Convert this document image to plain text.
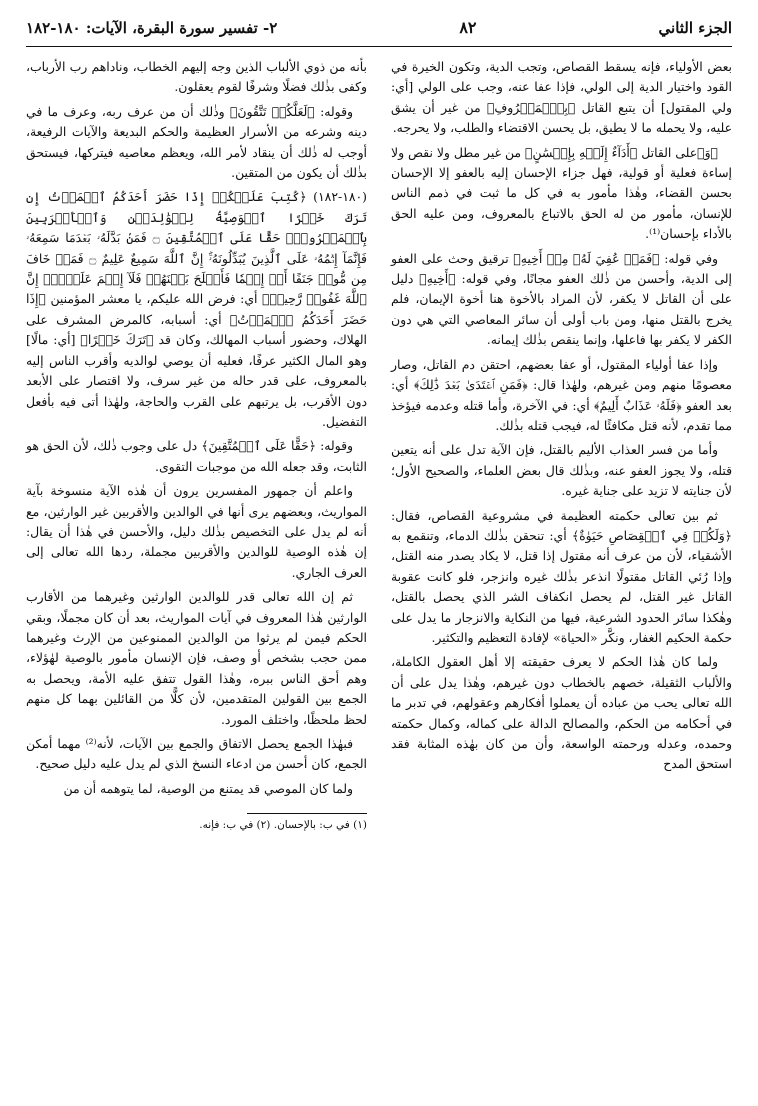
الجزء الثاني
٨٢
٢- تفسير سورة البقرة، الآيات: ١٨٠-١٨٢

بعض الأولياء، فإنه يسقط القصاص، وتجب الدية، وتكون الخيرة في القود واختيار الدية إلى الولي، فإذا عفا عنه، وجب على الولي [أي: ولي المقتول] أن يتبع القاتل ﴿بِٱلۡمَعۡرُوفِ﴾ من غير أن يشق عليه، ولا يحمله ما لا يطيق، بل يحسن الاقتضاء والطلب، ولا يحرجه.

﴿وَ﴾على القاتل ﴿أَدَآءٌ إِلَيۡهِ بِإِحۡسَٰنٍ﴾ من غير مطل ولا نقص ولا إساءة فعلية أو قولية، فهل جزاء الإحسان إليه بالعفو إلا الإحسان بحسن القضاء، وهٰذا مأمور به في كل ما ثبت في ذمم الناس للإنسان، مأمور من له الحق بالاتباع بالمعروف، ومن عليه الحق بالأداء بإحسان⁽¹⁾.

وفي قوله: ﴿فَمَنۡ عُفِيَ لَهُۥ مِنۡ أَخِيهِ﴾ ترقيق وحث على العفو إلى الدية، وأحسن من ذٰلك العفو مجانًا، وفي قوله: ﴿أَخِيهِ﴾ دليل على أن القاتل لا يكفر، لأن المراد بالأخوة هنا أخوة الإيمان، فلم يخرج بالقتل منها، ومن باب أولى أن سائر المعاصي التي هي دون الكفر لا يكفر بها فاعلها، وإنما ينقص بذٰلك إيمانه.

وإذا عفا أولياء المقتول، أو عفا بعضهم، احتقن دم القاتل، وصار معصومًا منهم ومن غيرهم، ولهٰذا قال: ﴿فَمَنِ ٱعۡتَدَىٰ بَعۡدَ ذَٰلِكَ﴾ أي: بعد العفو ﴿فَلَهُۥ عَذَابٌ أَلِيمٌ﴾ أي: في الآخرة، وأما قتله وعدمه فيؤخذ مما تقدم، لأنه قتل مكافئًا له، فيجب قتله بذٰلك.

وأما من فسر العذاب الأليم بالقتل، فإن الآية تدل على أنه يتعين قتله، ولا يجوز العفو عنه، وبذٰلك قال بعض العلماء، والصحيح الأول؛ لأن جنايته لا تزيد على جناية غيره.

ثم بين تعالى حكمته العظيمة في مشروعية القصاص، فقال: ﴿وَلَكُمۡ فِي ٱلۡقِصَاصِ حَيَوٰةٌ﴾ أي: تنحقن بذٰلك الدماء، وتنقمع به الأشقياء، لأن من عرف أنه مقتول إذا قتل، لا يكاد يصدر منه القتل، وإذا رُئي القاتل مقتولًا انذعر بذٰلك غيره وانزجر، فلو كانت عقوبة القاتل غير القتل، لم يحصل انكفاف الشر الذي يحصل بالقتل، وهٰكذا سائر الحدود الشرعية، فيها من النكاية والانزجار ما يدل على حكمة الحكيم الغفار، ونكَّر «الحياة» لإفادة التعظيم والتكثير.

ولما كان هٰذا الحكم لا يعرف حقيقته إلا أهل العقول الكاملة، والألباب الثقيلة، خصهم بالخطاب دون غيرهم، وهٰذا يدل على أن الله تعالى يحب من عباده أن يعملوا أفكارهم وعقولهم، في تدبر ما في أحكامه من الحكم، والمصالح الدالة على كماله، وكمال حكمته وحمده، وعدله ورحمته الواسعة، وأن من كان بهٰذه المثابة فقد استحق المدح

بأنه من ذوي الألباب الذين وجه إليهم الخطاب، وناداهم رب الأرباب، وكفى بذٰلك فضلًا وشرفًا لقوم يعقلون.

وقوله: ﴿لَعَلَّكُمۡ تَتَّقُونَ﴾ وذٰلك أن من عرف ربه، وعرف ما في دينه وشرعه من الأسرار العظيمة والحكم البديعة والآيات الرفيعة، أوجب له ذٰلك أن ينقاد لأمر الله، ويعظم معاصيه فيتركها، فيستحق بذٰلك أن يكون من المتقين.

(١٨٠-١٨٢) ﴿كُتِبَ عَلَيۡكُمۡ إِذَا حَضَرَ أَحَدَكُمُ ٱلۡمَوۡتُ إِن تَرَكَ خَيۡرًا ٱلۡوَصِيَّةُ لِلۡوَٰلِدَيۡنِ وَٱلۡأَقۡرَبِينَ بِٱلۡمَعۡرُوفِۖ حَقًّا عَلَى ٱلۡمُتَّقِينَ ۝ فَمَنۢ بَدَّلَهُۥ بَعۡدَمَا سَمِعَهُۥ فَإِنَّمَآ إِثۡمُهُۥ عَلَى ٱلَّذِينَ يُبَدِّلُونَهُۥٓۚ إِنَّ ٱللَّهَ سَمِيعٌ عَلِيمٌ ۝ فَمَنۡ خَافَ مِن مُّوصٖ جَنَفًا أَوۡ إِثۡمٗا فَأَصۡلَحَ بَيۡنَهُمۡ فَلَآ إِثۡمَ عَلَيۡهِۚ إِنَّ ٱللَّهَ غَفُورٞ رَّحِيمٞ﴾ أي: فرض الله عليكم، يا معشر المؤمنين ﴿إِذَا حَضَرَ أَحَدَكُمُ ٱلۡمَوۡتُ﴾ أي: أسبابه، كالمرض المشرف على الهلاك، وحضور أسباب المهالك، وكان قد ﴿تَرَكَ خَيۡرًا﴾ [أي: مالًا] وهو المال الكثير عرفًا، فعليه أن يوصي لوالديه وأقرب الناس إليه بالمعروف، على قدر حاله من غير سرف، ولا اقتصار على الأبعد دون الأقرب، بل يرتبهم على القرب والحاجة، ولهٰذا أتى فيه بأفعل التفضيل.

وقوله: ﴿حَقًّا عَلَى ٱلۡمُتَّقِينَ﴾ دل على وجوب ذٰلك، لأن الحق هو الثابت، وقد جعله الله من موجبات التقوى.

واعلم أن جمهور المفسرين يرون أن هٰذه الآية منسوخة بآية المواريث، وبعضهم يرى أنها في الوالدين والأقربين غير الوارثين، مع أنه لم يدل على التخصيص بذٰلك دليل، والأحسن في هٰذا أن يقال: إن هٰذه الوصية للوالدين والأقربين مجملة، ردها الله تعالى إلى العرف الجاري.

ثم إن الله تعالى قدر للوالدين الوارثين وغيرهما من الأقارب الوارثين هٰذا المعروف في آيات المواريث، بعد أن كان مجملًا، وبقي الحكم فيمن لم يرثوا من الوالدين الممنوعين من الإرث وغيرهما ممن حجب بشخص أو وصف، فإن الإنسان مأمور بالوصية لهٰؤلاء، وهم أحق الناس ببره، وهٰذا القول تتفق عليه الأمة، ويحصل به الجمع بين القولين المتقدمين، لأن كلًّا من القائلين بهما كل منهم لحظ ملحظًا، واختلف المورد.

فبهٰذا الجمع يحصل الاتفاق والجمع بين الآيات، لأنه⁽²⁾ مهما أمكن الجمع، كان أحسن من ادعاء النسخ الذي لم يدل عليه دليل صحيح.

ولما كان الموصي قد يمتنع من الوصية، لما يتوهمه أن من

(١) في ب: بالإحسان. (٢) في ب: فإنه.
